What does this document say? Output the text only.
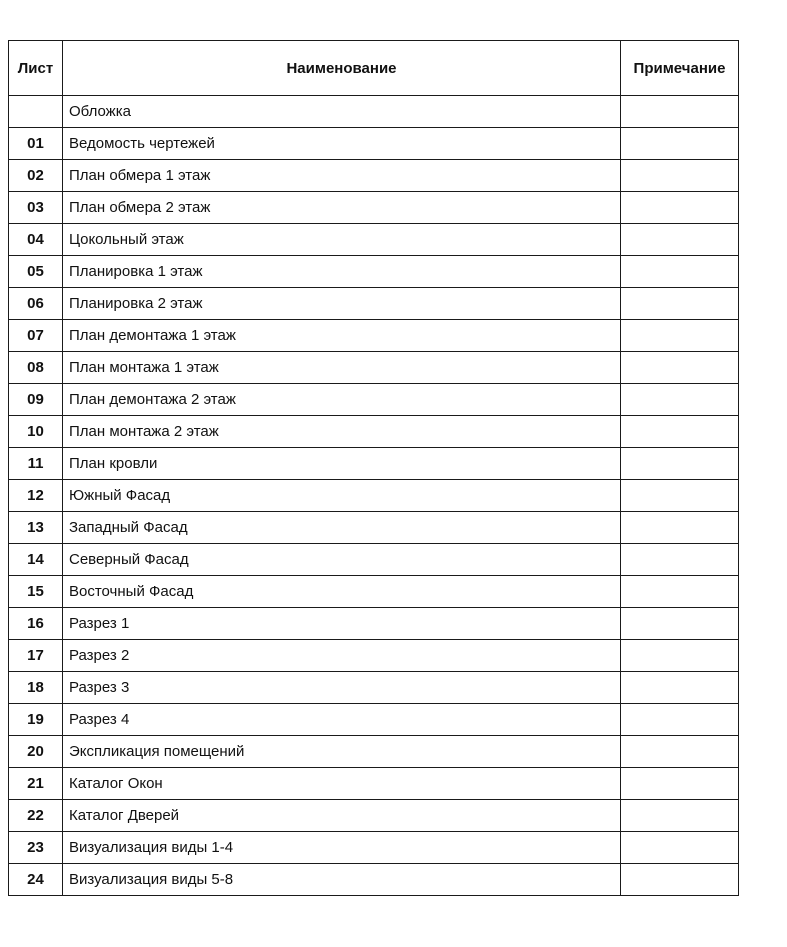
Лист	Наименование	Примечание
	Обложка	
01	Ведомость чертежей	
02	План обмера 1 этаж	
03	План обмера 2 этаж	
04	Цокольный этаж	
05	Планировка 1 этаж	
06	Планировка 2 этаж	
07	План демонтажа 1 этаж	
08	План монтажа 1 этаж	
09	План демонтажа 2 этаж	
10	План монтажа 2 этаж	
11	План кровли	
12	Южный Фасад	
13	Западный Фасад	
14	Северный Фасад	
15	Восточный Фасад	
16	Разрез 1	
17	Разрез 2	
18	Разрез 3	
19	Разрез 4	
20	Экспликация помещений	
21	Каталог Окон	
22	Каталог Дверей	
23	Визуализация виды 1-4	
24	Визуализация виды 5-8	
